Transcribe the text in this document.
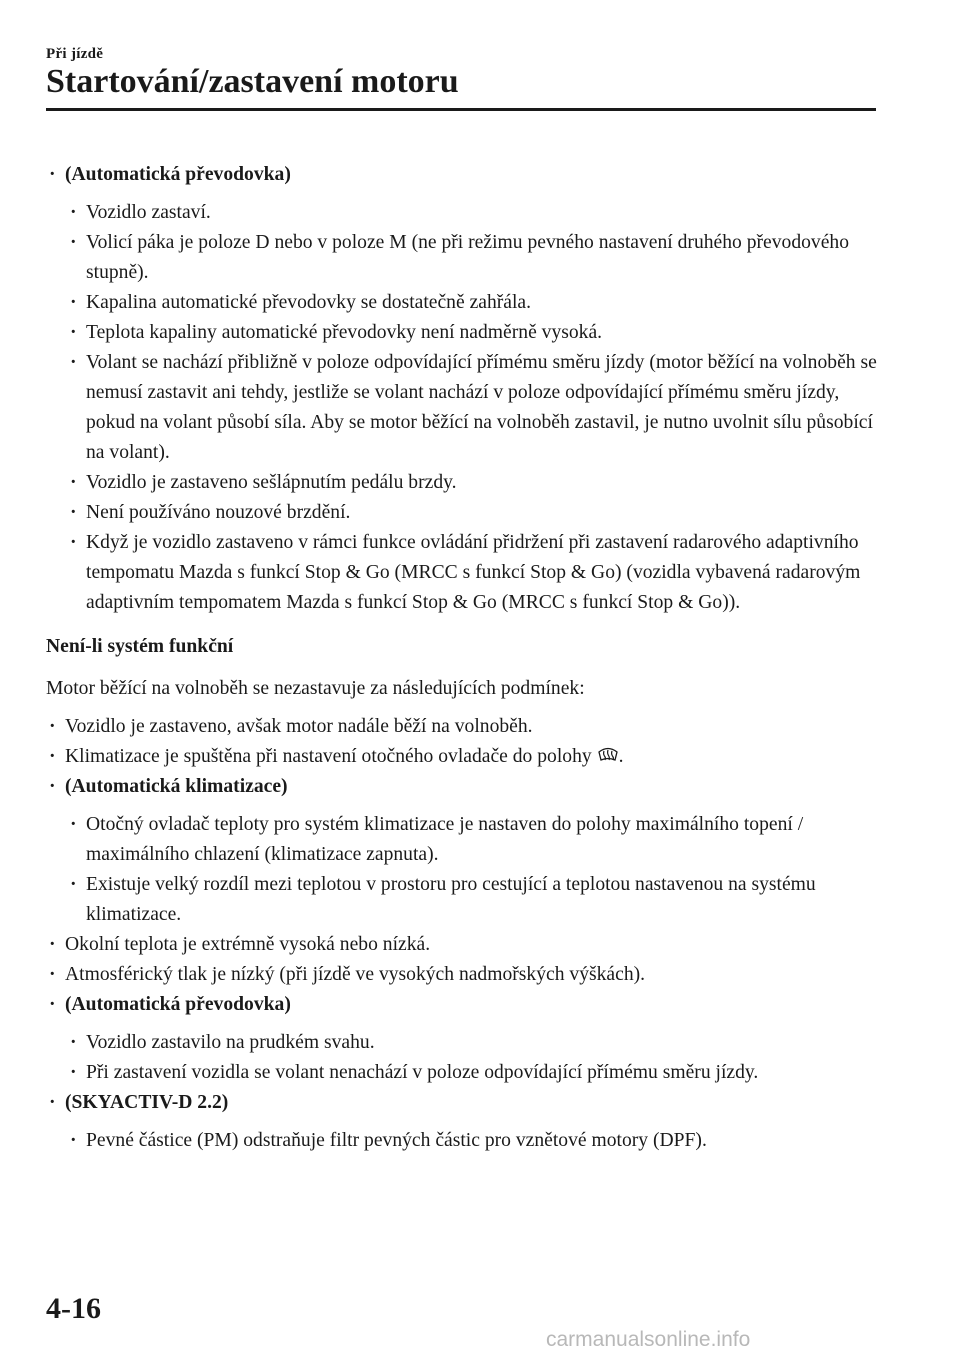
Při jízdě
Startování/zastavení motoru
· (Automatická převodovka)
· Vozidlo zastaví.
· Volicí páka je poloze D nebo v poloze M (ne při režimu pevného nastavení druhého převodového stupně).
· Kapalina automatické převodovky se dostatečně zahřála.
· Teplota kapaliny automatické převodovky není nadměrně vysoká.
· Volant se nachází přibližně v poloze odpovídající přímému směru jízdy (motor běžící na volnoběh se nemusí zastavit ani tehdy, jestliže se volant nachází v poloze odpovídající přímému směru jízdy, pokud na volant působí síla. Aby se motor běžící na volnoběh zastavil, je nutno uvolnit sílu působící na volant).
· Vozidlo je zastaveno sešlápnutím pedálu brzdy.
· Není používáno nouzové brzdění.
· Když je vozidlo zastaveno v rámci funkce ovládání přidržení při zastavení radarového adaptivního tempomatu Mazda s funkcí Stop & Go (MRCC s funkcí Stop & Go) (vozidla vybavená radarovým adaptivním tempomatem Mazda s funkcí Stop & Go (MRCC s funkcí Stop & Go)).
Není-li systém funkční
Motor běžící na volnoběh se nezastavuje za následujících podmínek:
· Vozidlo je zastaveno, avšak motor nadále běží na volnoběh.
· Klimatizace je spuštěna při nastavení otočného ovladače do polohy .
· (Automatická klimatizace)
· Otočný ovladač teploty pro systém klimatizace je nastaven do polohy maximálního topení / maximálního chlazení (klimatizace zapnuta).
· Existuje velký rozdíl mezi teplotou v prostoru pro cestující a teplotou nastavenou na systému klimatizace.
· Okolní teplota je extrémně vysoká nebo nízká.
· Atmosférický tlak je nízký (při jízdě ve vysokých nadmořských výškách).
· (Automatická převodovka)
· Vozidlo zastavilo na prudkém svahu.
· Při zastavení vozidla se volant nenachází v poloze odpovídající přímému směru jízdy.
· (SKYACTIV-D 2.2)
· Pevné částice (PM) odstraňuje filtr pevných částic pro vznětové motory (DPF).
4-16
carmanualsonline.info
